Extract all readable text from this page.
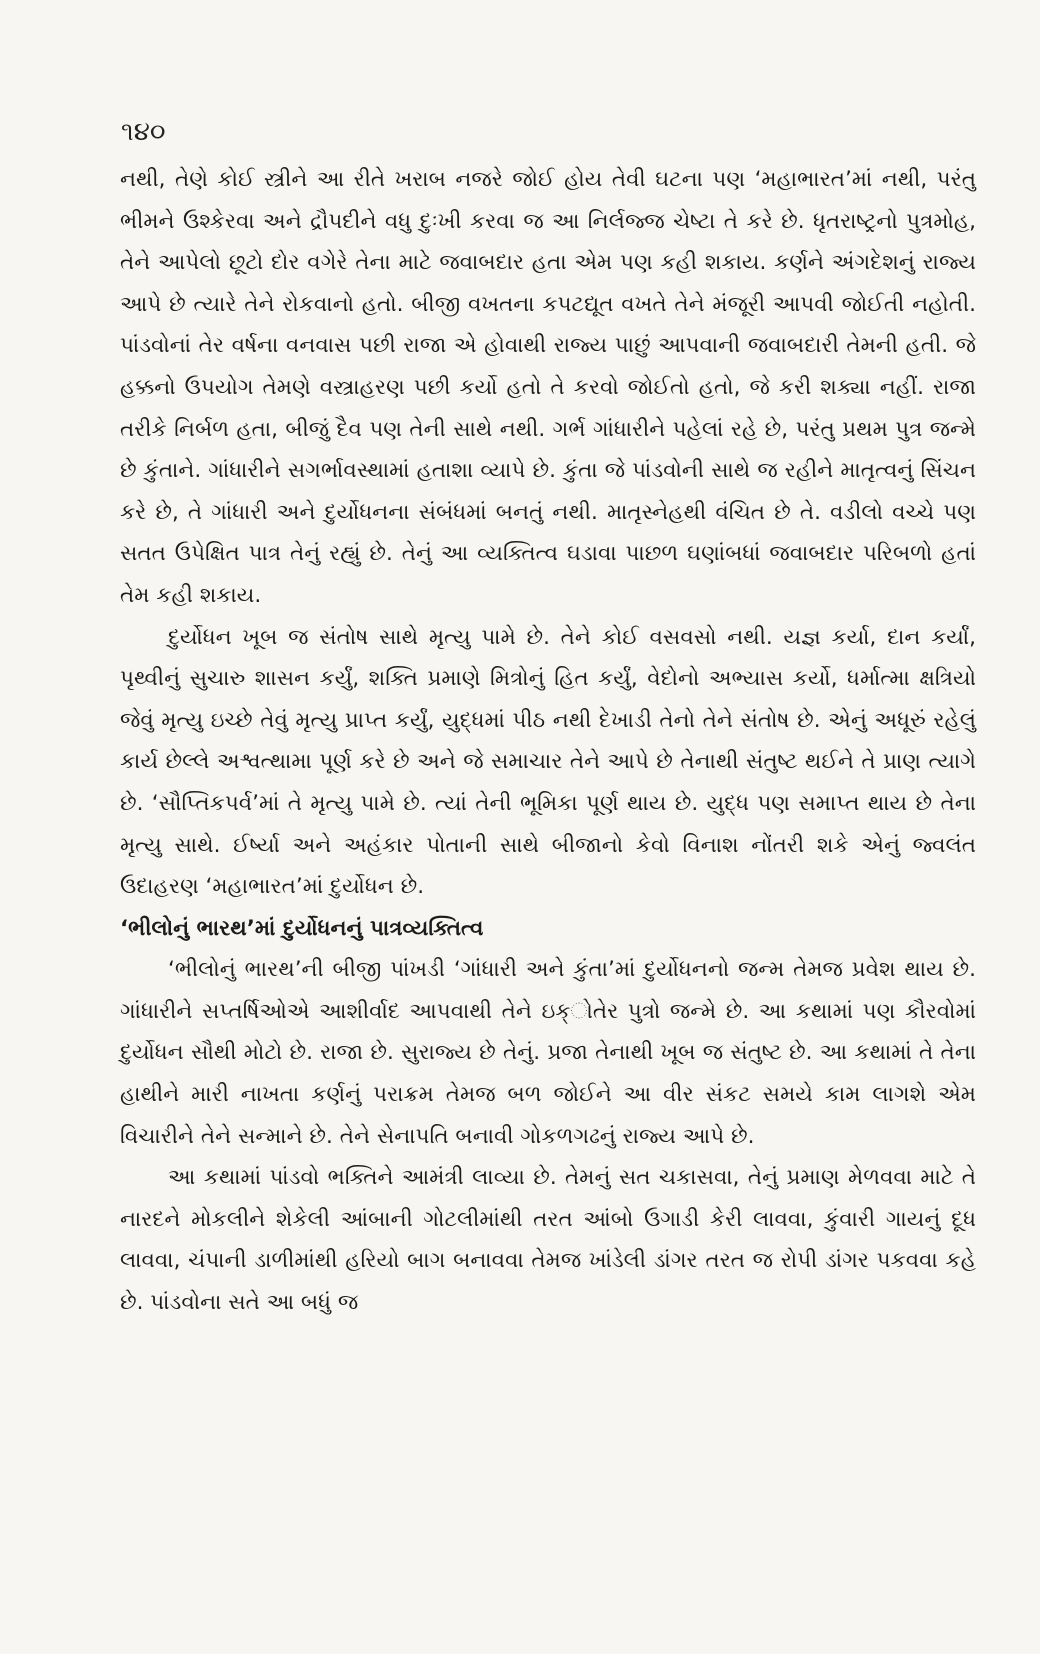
૧૪૦

નથી, તેણે કોઈ સ્ત્રીને આ રીતે ખરાબ નજરે જોઈ હોય તેવી ઘટના પણ ‘મહાભારત’માં નથી, પરંતુ ભીમને ઉશ્કેરવા અને દ્રૌપદીને વધુ દુઃખી કરવા જ આ નિર્લજ્જ ચેષ્ટા તે કરે છે. ધૃતરાષ્ટ્રનો પુત્રમોહ, તેને આપેલો છૂટો દોર વગેરે તેના માટે જવાબદાર હતા એમ પણ કહી શકાય. કર્ણને અંગદેશનું રાજ્ય આપે છે ત્યારે તેને રોકવાનો હતો. બીજી વખતના કપટદ્યૂત વખતે તેને મંજૂરી આપવી જોઈતી નહોતી. પાંડવોનાં તેર વર્ષના વનવાસ પછી રાજા એ હોવાથી રાજ્ય પાછું આપવાની જવાબદારી તેમની હતી. જે હક્કનો ઉપયોગ તેમણે વસ્ત્રાહરણ પછી કર્યો હતો તે કરવો જોઈતો હતો, જે કરી શક્યા નહીં. રાજા તરીકે નિર્બળ હતા, બીજું દૈવ પણ તેની સાથે નથી. ગર્ભ ગાંધારીને પહેલાં રહે છે, પરંતુ પ્રથમ પુત્ર જન્મે છે કુંતાને. ગાંધારીને સગર્ભાવસ્થામાં હતાશા વ્યાપે છે. કુંતા જે પાંડવોની સાથે જ રહીને માતૃત્વનું સિંચન કરે છે, તે ગાંધારી અને દુર્યોધનના સંબંધમાં બનતું નથી. માતૃસ્નેહથી વંચિત છે તે. વડીલો વચ્ચે પણ સતત ઉપેક્ષિત પાત્ર તેનું રહ્યું છે. તેનું આ વ્યક્તિત્વ ઘડાવા પાછળ ઘણાંબધાં જવાબદાર પરિબળો હતાં તેમ કહી શકાય.

દુર્યોધન ખૂબ જ સંતોષ સાથે મૃત્યુ પામે છે. તેને કોઈ વસવસો નથી. યજ્ઞ કર્યા, દાન કર્યાં, પૃથ્વીનું સુચારુ શાસન કર્યું, શક્તિ પ્રમાણે મિત્રોનું હિત કર્યું, વેદોનો અભ્યાસ કર્યો, ધર્માત્મા ક્ષત્રિયો જેવું મૃત્યુ ઇચ્છે તેવું મૃત્યુ પ્રાપ્ત કર્યું, યુદ્ધમાં પીઠ નથી દેખાડી તેનો તેને સંતોષ છે. એનું અધૂરું રહેલું કાર્ય છેલ્લે અશ્વત્થામા પૂર્ણ કરે છે અને જે સમાચાર તેને આપે છે તેનાથી સંતુષ્ટ થઈને તે પ્રાણ ત્યાગે છે. ‘સૌપ્તિકપર્વ’માં તે મૃત્યુ પામે છે. ત્યાં તેની ભૂમિકા પૂર્ણ થાય છે. યુદ્ધ પણ સમાપ્ત થાય છે તેના મૃત્યુ સાથે. ઈર્ષ્યા અને અહંકાર પોતાની સાથે બીજાનો કેવો વિનાશ નોંતરી શકે એનું જ્વલંત ઉદાહરણ ‘મહાભારત’માં દુર્યોધન છે.

‘ભીલોનું ભારથ’માં દુર્યોધનનું પાત્રવ્યક્તિત્વ

‘ભીલોનું ભારથ’ની બીજી પાંખડી ‘ગાંધારી અને કુંતા’માં દુર્યોધનનો જન્મ તેમજ પ્રવેશ થાય છે. ગાંધારીને સપ્તર્ષિઓએ આશીર્વાદ આપવાથી તેને ઇક્ોતેર પુત્રો જન્મે છે. આ કથામાં પણ કૌરવોમાં દુર્યોધન સૌથી મોટો છે. રાજા છે. સુરાજ્ય છે તેનું. પ્રજા તેનાથી ખૂબ જ સંતુષ્ટ છે. આ કથામાં તે તેના હાથીને મારી નાખતા કર્ણનું પરાક્રમ તેમજ બળ જોઈને આ વીર સંકટ સમયે કામ લાગશે એમ વિચારીને તેને સન્માને છે. તેને સેનાપતિ બનાવી ગોકળગઢનું રાજ્ય આપે છે.

આ કથામાં પાંડવો ભક્તિને આમંત્રી લાવ્યા છે. તેમનું સત ચકાસવા, તેનું પ્રમાણ મેળવવા માટે તે નારદને મોકલીને શેકેલી આંબાની ગોટલીમાંથી તરત આંબો ઉગાડી કેરી લાવવા, કુંવારી ગાયનું દૂધ લાવવા, ચંપાની ડાળીમાંથી હરિયો બાગ બનાવવા તેમજ ખાંડેલી ડાંગર તરત જ રોપી ડાંગર પકવવા કહે છે. પાંડવોના સતે આ બધું જ
